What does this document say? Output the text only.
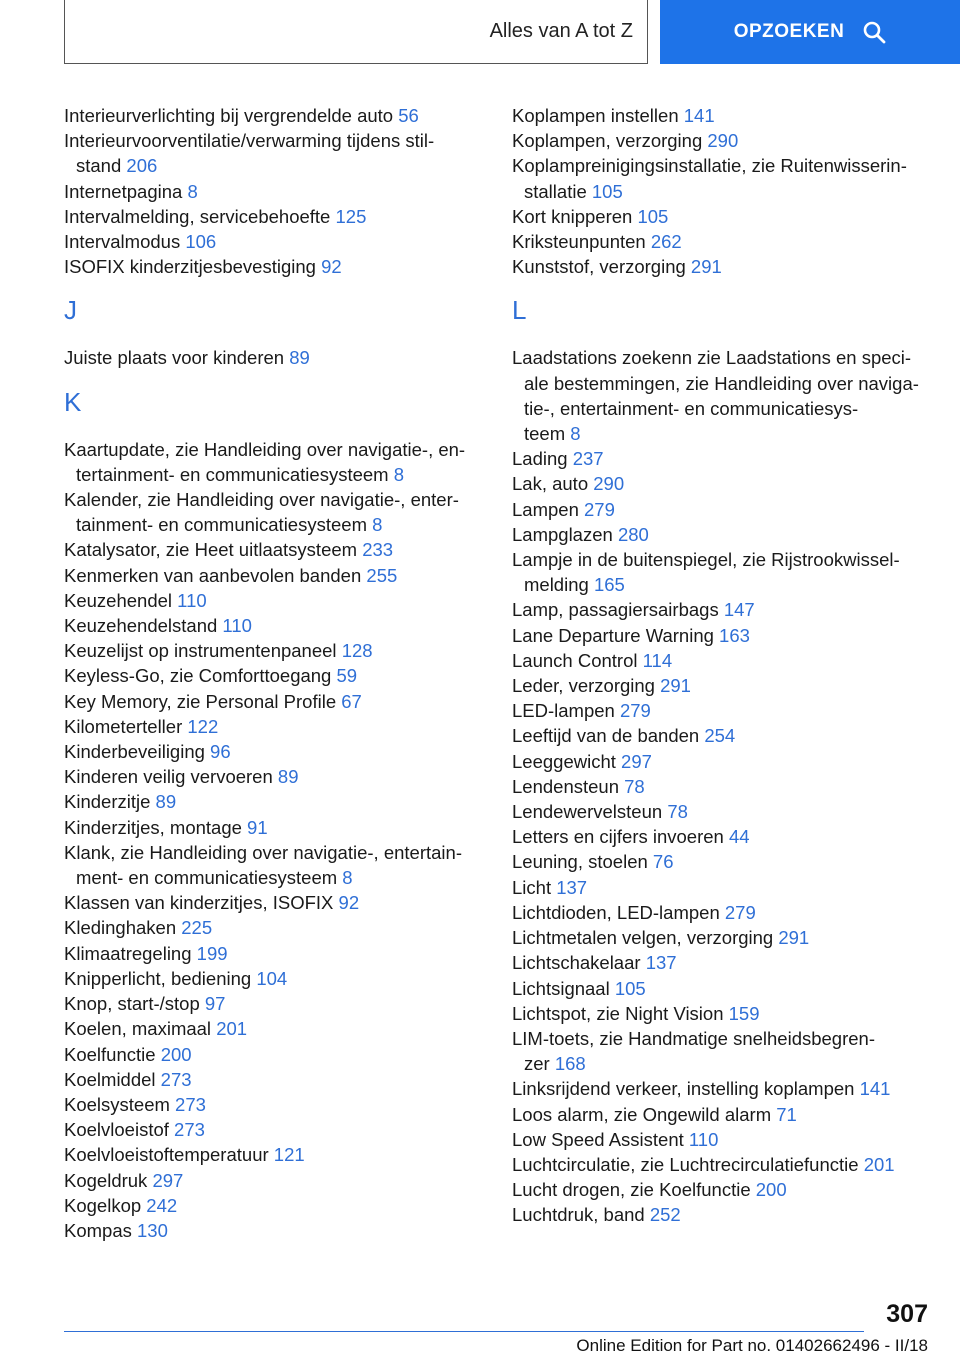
Alles van A tot Z	OPZOEKEN
Interieurverlichting bij vergrendelde auto 56
Interieurvoorventilatie/verwarming tijdens stil-
stand 206
Internetpagina 8
Intervalmelding, servicebehoefte 125
Intervalmodus 106
ISOFIX kinderzitjesbevestiging 92
J
Juiste plaats voor kinderen 89
K
Kaartupdate, zie Handleiding over navigatie-, en-
tertainment- en communicatiesysteem 8
Kalender, zie Handleiding over navigatie-, enter-
tainment- en communicatiesysteem 8
Katalysator, zie Heet uitlaatsysteem 233
Kenmerken van aanbevolen banden 255
Keuzehendel 110
Keuzehendelstand 110
Keuzelijst op instrumentenpaneel 128
Keyless-Go, zie Comforttoegang 59
Key Memory, zie Personal Profile 67
Kilometerteller 122
Kinderbeveiliging 96
Kinderen veilig vervoeren 89
Kinderzitje 89
Kinderzitjes, montage 91
Klank, zie Handleiding over navigatie-, entertain-
ment- en communicatiesysteem 8
Klassen van kinderzitjes, ISOFIX 92
Kledinghaken 225
Klimaatregeling 199
Knipperlicht, bediening 104
Knop, start-/stop 97
Koelen, maximaal 201
Koelfunctie 200
Koelmiddel 273
Koelsysteem 273
Koelvloeistof 273
Koelvloeistoftemperatuur 121
Kogeldruk 297
Kogelkop 242
Kompas 130
Koplampen instellen 141
Koplampen, verzorging 290
Koplampreinigingsinstallatie, zie Ruitenwisserin-
stallatie 105
Kort knipperen 105
Kriksteunpunten 262
Kunststof, verzorging 291
L
Laadstations zoekenn zie Laadstations en speci-
ale bestemmingen, zie Handleiding over naviga-
tie-, entertainment- en communicatiesys-
teem 8
Lading 237
Lak, auto 290
Lampen 279
Lampglazen 280
Lampje in de buitenspiegel, zie Rijstrookwissel-
melding 165
Lamp, passagiersairbags 147
Lane Departure Warning 163
Launch Control 114
Leder, verzorging 291
LED-lampen 279
Leeftijd van de banden 254
Leeggewicht 297
Lendensteun 78
Lendewervelsteun 78
Letters en cijfers invoeren 44
Leuning, stoelen 76
Licht 137
Lichtdioden, LED-lampen 279
Lichtmetalen velgen, verzorging 291
Lichtschakelaar 137
Lichtsignaal 105
Lichtspot, zie Night Vision 159
LIM-toets, zie Handmatige snelheidsbegren-
zer 168
Linksrijdend verkeer, instelling koplampen 141
Loos alarm, zie Ongewild alarm 71
Low Speed Assistent 110
Luchtcirculatie, zie Luchtrecirculatiefunctie 201
Lucht drogen, zie Koelfunctie 200
Luchtdruk, band 252
307
Online Edition for Part no. 01402662496 - II/18
